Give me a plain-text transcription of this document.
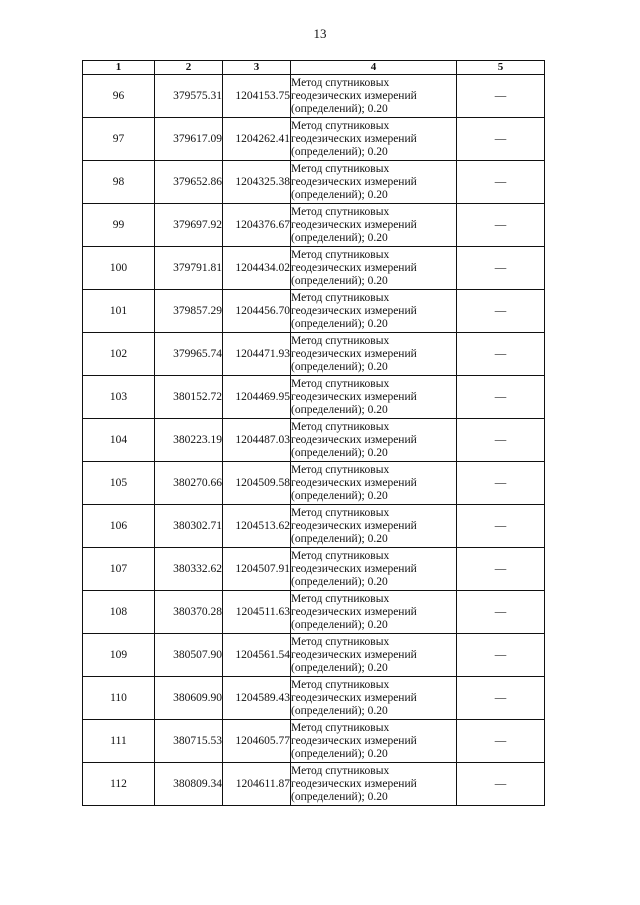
13
1	2	3	4	5
96	379575.31	1204153.75	Метод спутниковых
геодезических измерений
(определений); 0.20	—
97	379617.09	1204262.41	Метод спутниковых
геодезических измерений
(определений); 0.20	—
98	379652.86	1204325.38	Метод спутниковых
геодезических измерений
(определений); 0.20	—
99	379697.92	1204376.67	Метод спутниковых
геодезических измерений
(определений); 0.20	—
100	379791.81	1204434.02	Метод спутниковых
геодезических измерений
(определений); 0.20	—
101	379857.29	1204456.70	Метод спутниковых
геодезических измерений
(определений); 0.20	—
102	379965.74	1204471.93	Метод спутниковых
геодезических измерений
(определений); 0.20	—
103	380152.72	1204469.95	Метод спутниковых
геодезических измерений
(определений); 0.20	—
104	380223.19	1204487.03	Метод спутниковых
геодезических измерений
(определений); 0.20	—
105	380270.66	1204509.58	Метод спутниковых
геодезических измерений
(определений); 0.20	—
106	380302.71	1204513.62	Метод спутниковых
геодезических измерений
(определений); 0.20	—
107	380332.62	1204507.91	Метод спутниковых
геодезических измерений
(определений); 0.20	—
108	380370.28	1204511.63	Метод спутниковых
геодезических измерений
(определений); 0.20	—
109	380507.90	1204561.54	Метод спутниковых
геодезических измерений
(определений); 0.20	—
110	380609.90	1204589.43	Метод спутниковых
геодезических измерений
(определений); 0.20	—
111	380715.53	1204605.77	Метод спутниковых
геодезических измерений
(определений); 0.20	—
112	380809.34	1204611.87	Метод спутниковых
геодезических измерений
(определений); 0.20	—
